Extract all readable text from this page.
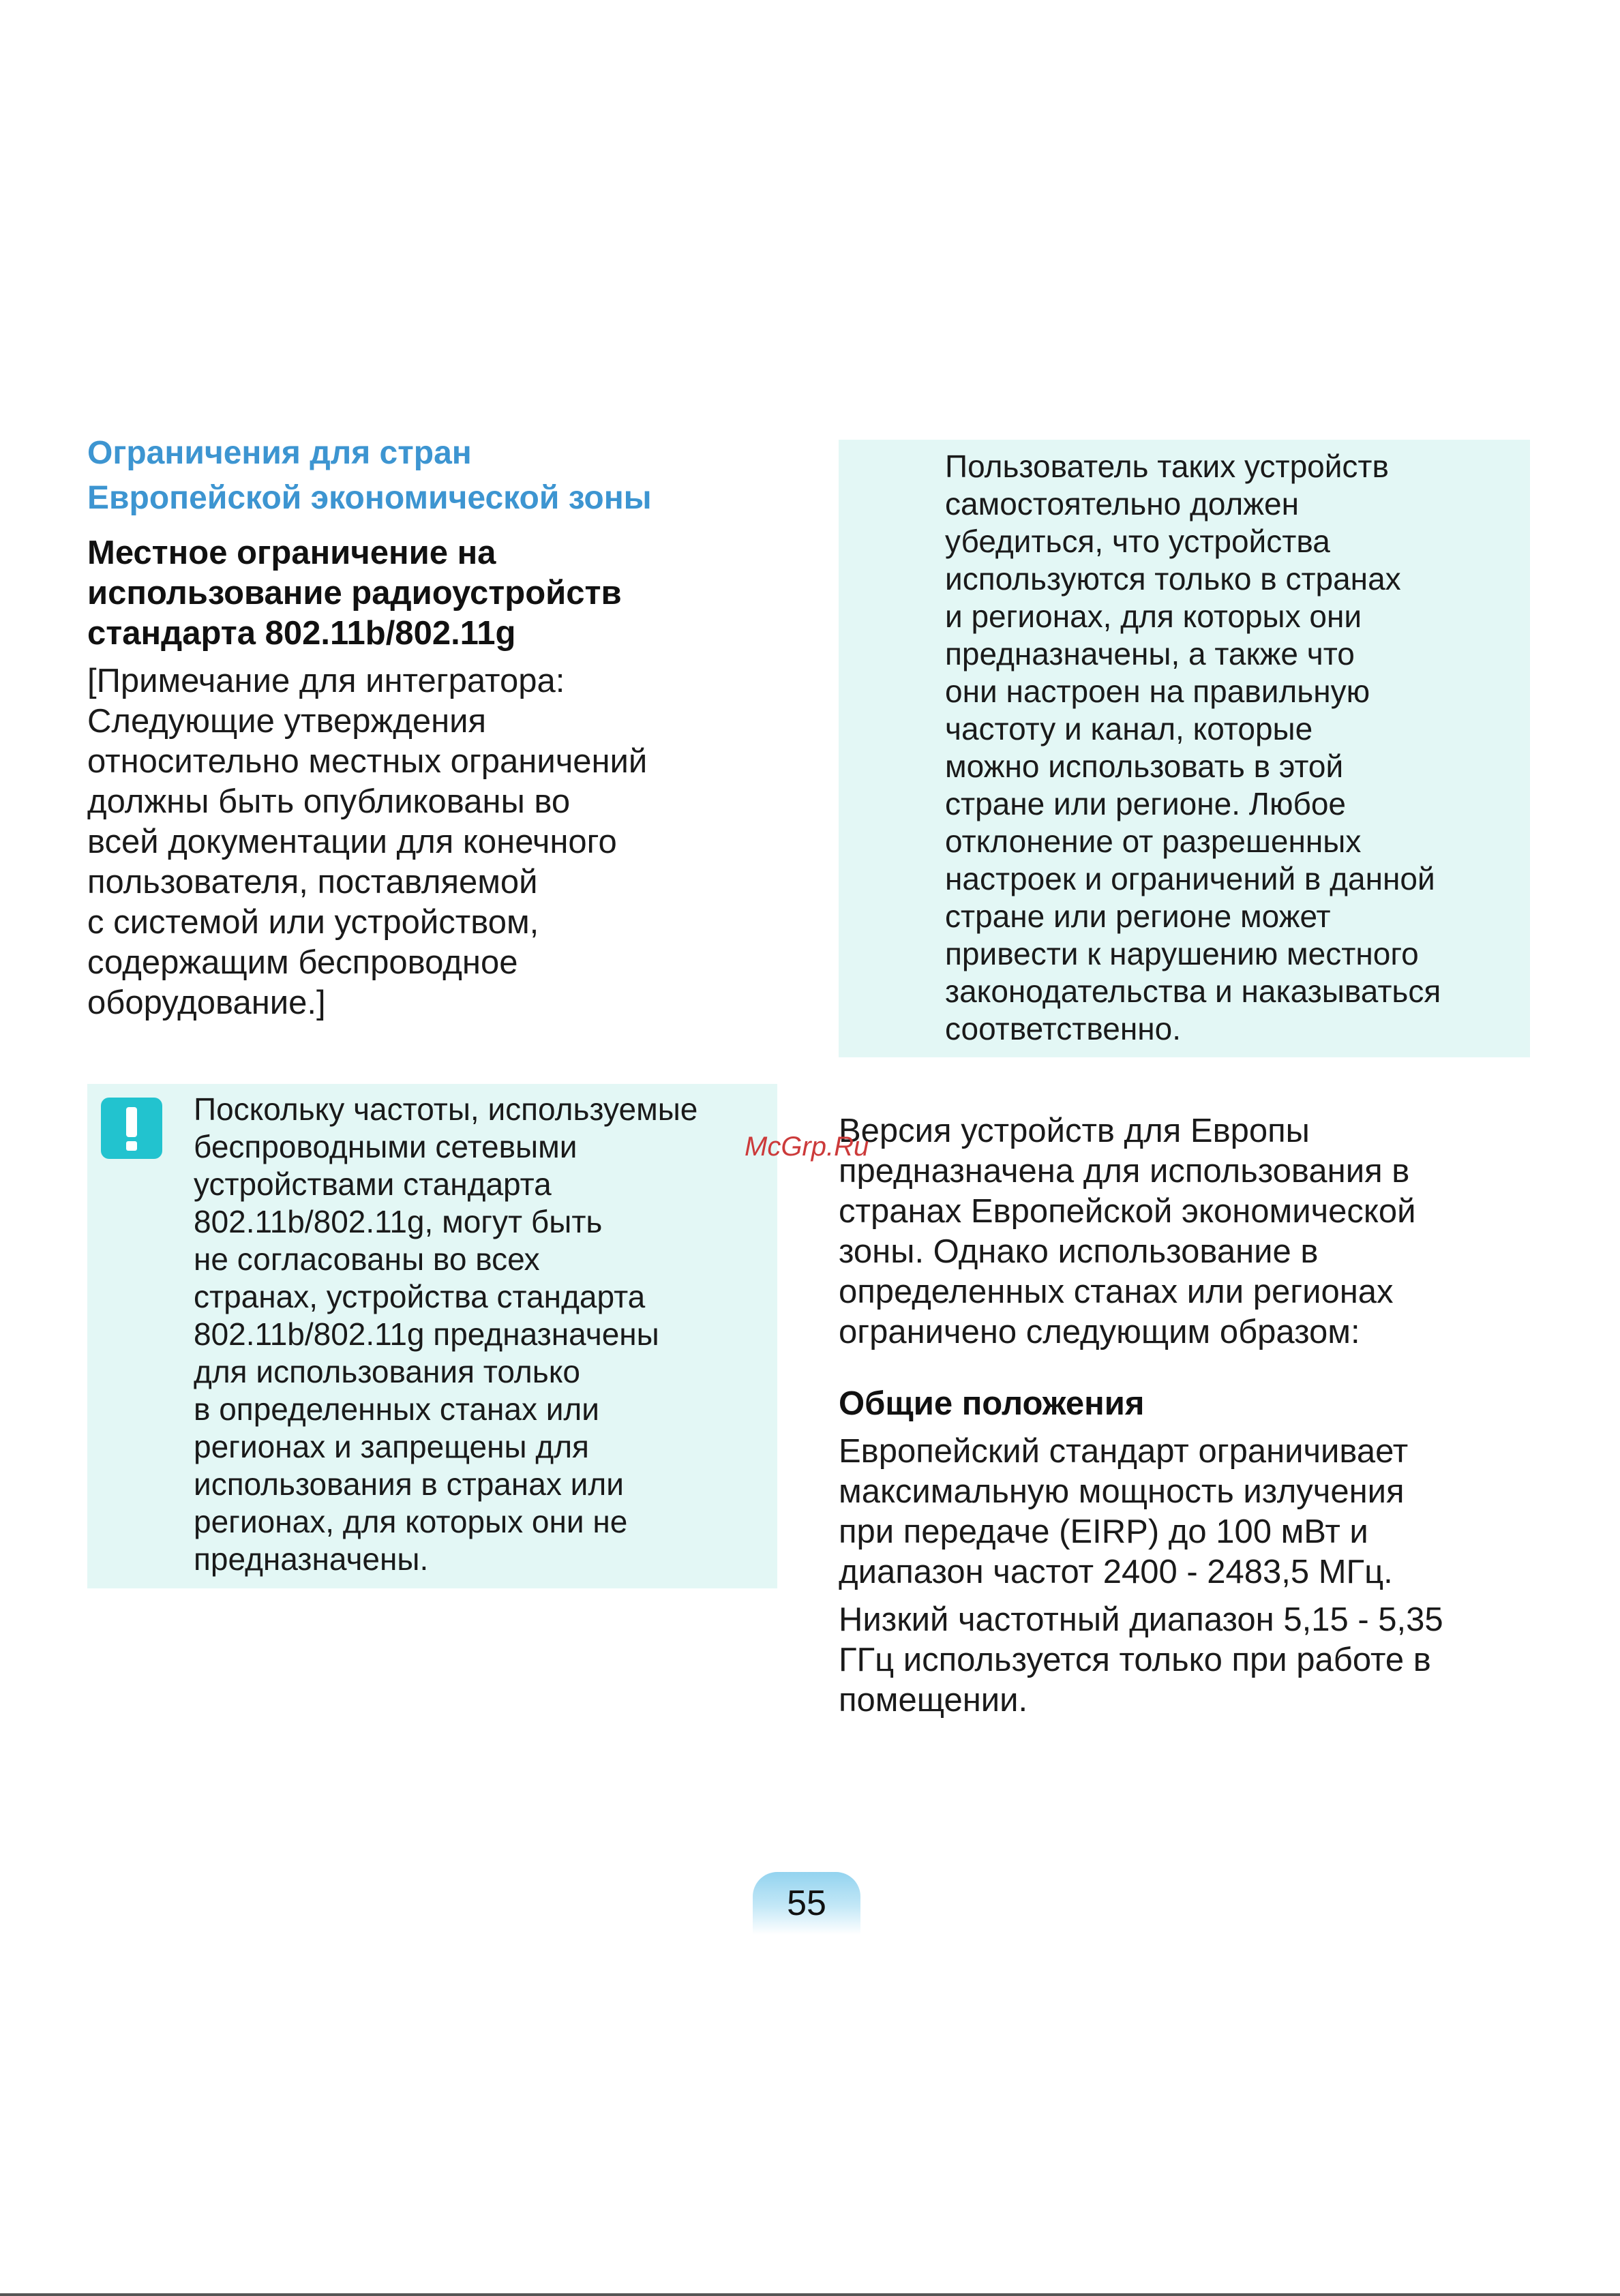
Ограничения для стран
Европейской экономической зоны
Местное ограничение на
использование радиоустройств
стандарта 802.11b/802.11g

[Примечание для интегратора:
Следующие утверждения
относительно местных ограничений
должны быть опубликованы во
всей документации для конечного
пользователя, поставляемой
с системой или устройством,
содержащим беспроводное
оборудование.]

Поскольку частоты, используемые
беспроводными сетевыми
устройствами стандарта
802.11b/802.11g, могут быть
не согласованы во всех
странах, устройства стандарта
802.11b/802.11g предназначены
для использования только
в определенных станах или
регионах и запрещены для
использования в странах или
регионах, для которых они не
предназначены.

Пользователь таких устройств
самостоятельно должен
убедиться, что устройства
используются только в странах
и регионах, для которых они
предназначены, а также что
они настроен на правильную
частоту и канал, которые
можно использовать в этой
стране или регионе. Любое
отклонение от разрешенных
настроек и ограничений в данной
стране или регионе может
привести к нарушению местного
законодательства и наказываться
соответственно.

Версия устройств для Европы
предназначена для использования в
странах Европейской экономической
зоны. Однако использование в
определенных станах или регионах
ограничено следующим образом:

Общие положения

Европейский стандарт ограничивает
максимальную мощность излучения
при передаче (EIRP) до 100 мВт и
диапазон частот 2400 - 2483,5 МГц.

Низкий частотный диапазон 5,15 - 5,35
ГГц используется только при работе в
помещении.

McGrp.Ru
55
